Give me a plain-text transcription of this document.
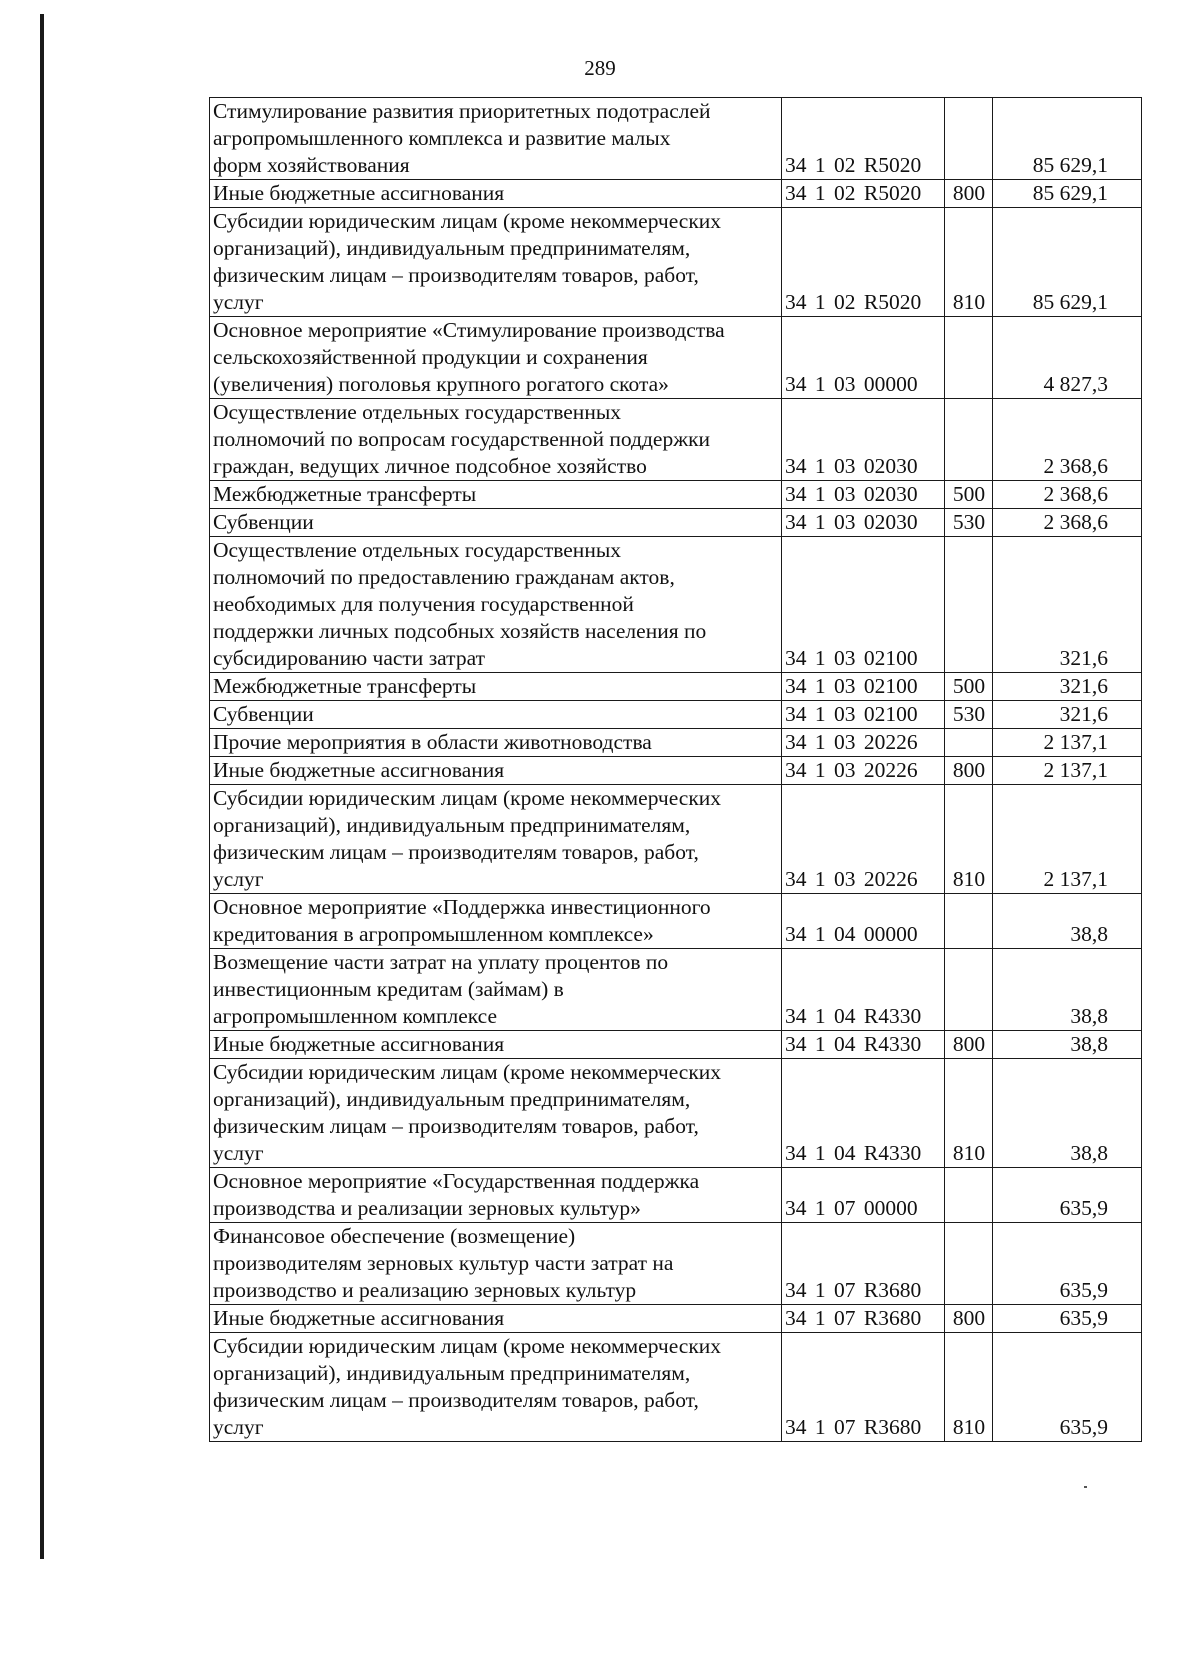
289
Стимулирование развития приоритетных подотраслей
агропромышленного комплекса и развитие малых
форм хозяйствования	34 1 02 R5020		85 629,1

Иные бюджетные ассигнования	34 1 02 R5020	800	85 629,1

Субсидии юридическим лицам (кроме некоммерческих
организаций), индивидуальным предпринимателям,
физическим лицам – производителям товаров, работ,
услуг	34 1 02 R5020	810	85 629,1

Основное мероприятие «Стимулирование производства
сельскохозяйственной продукции и сохранения
(увеличения) поголовья крупного рогатого скота»	34 1 03 00000		4 827,3

Осуществление отдельных государственных
полномочий по вопросам государственной поддержки
граждан, ведущих личное подсобное хозяйство	34 1 03 02030		2 368,6

Межбюджетные трансферты	34 1 03 02030	500	2 368,6

Субвенции	34 1 03 02030	530	2 368,6

Осуществление отдельных государственных
полномочий по предоставлению гражданам актов,
необходимых для получения государственной
поддержки личных подсобных хозяйств населения по
субсидированию части затрат	34 1 03 02100		321,6

Межбюджетные трансферты	34 1 03 02100	500	321,6

Субвенции	34 1 03 02100	530	321,6

Прочие мероприятия в области животноводства	34 1 03 20226		2 137,1

Иные бюджетные ассигнования	34 1 03 20226	800	2 137,1

Субсидии юридическим лицам (кроме некоммерческих
организаций), индивидуальным предпринимателям,
физическим лицам – производителям товаров, работ,
услуг	34 1 03 20226	810	2 137,1

Основное мероприятие «Поддержка инвестиционного
кредитования в агропромышленном комплексе»	34 1 04 00000		38,8

Возмещение части затрат на уплату процентов по
инвестиционным кредитам (займам) в
агропромышленном комплексе	34 1 04 R4330		38,8

Иные бюджетные ассигнования	34 1 04 R4330	800	38,8

Субсидии юридическим лицам (кроме некоммерческих
организаций), индивидуальным предпринимателям,
физическим лицам – производителям товаров, работ,
услуг	34 1 04 R4330	810	38,8

Основное мероприятие «Государственная поддержка
производства и реализации зерновых культур»	34 1 07 00000		635,9

Финансовое обеспечение (возмещение)
производителям зерновых культур части затрат на
производство и реализацию зерновых культур	34 1 07 R3680		635,9

Иные бюджетные ассигнования	34 1 07 R3680	800	635,9

Субсидии юридическим лицам (кроме некоммерческих
организаций), индивидуальным предпринимателям,
физическим лицам – производителям товаров, работ,
услуг	34 1 07 R3680	810	635,9
